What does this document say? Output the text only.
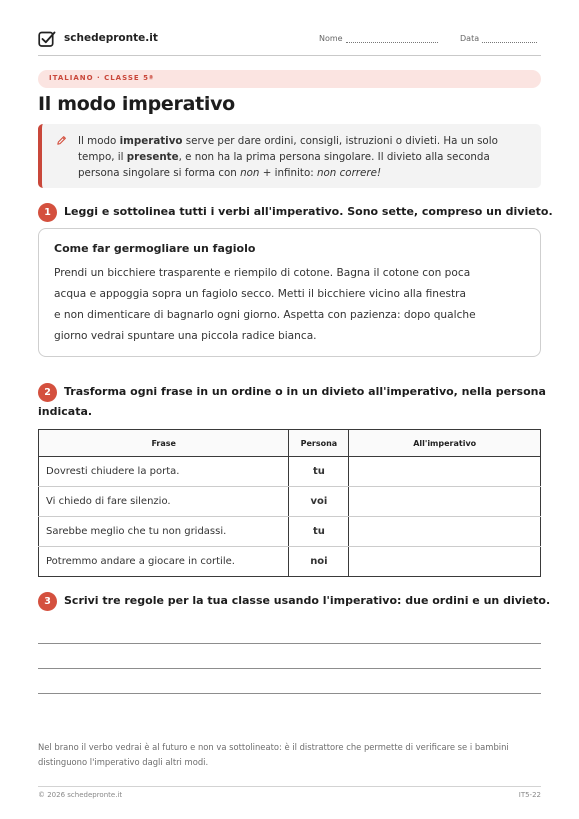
schedepronte.it	Nome	Data
ITALIANO · CLASSE 5ª
Il modo imperativo
Il modo imperativo serve per dare ordini, consigli, istruzioni o divieti. Ha un solo tempo, il presente, e non ha la prima persona singolare. Il divieto alla seconda persona singolare si forma con non + infinito: non correre!
1	Leggi e sottolinea tutti i verbi all'imperativo. Sono sette, compreso un divieto.
Come far germogliare un fagiolo
Prendi un bicchiere trasparente e riempilo di cotone. Bagna il cotone con poca
acqua e appoggia sopra un fagiolo secco. Metti il bicchiere vicino alla finestra
e non dimenticare di bagnarlo ogni giorno. Aspetta con pazienza: dopo qualche
giorno vedrai spuntare una piccola radice bianca.
2	Trasforma ogni frase in un ordine o in un divieto all'imperativo, nella persona
indicata.
Frase	Persona	All'imperativo
Dovresti chiudere la porta.	tu	
Vi chiedo di fare silenzio.	voi	
Sarebbe meglio che tu non gridassi.	tu	
Potremmo andare a giocare in cortile.	noi	
3	Scrivi tre regole per la tua classe usando l'imperativo: due ordini e un divieto.
Nel brano il verbo vedrai è al futuro e non va sottolineato: è il distrattore che permette di verificare se i bambini distinguono l'imperativo dagli altri modi.
© 2026 schedepronte.it	IT5-22
